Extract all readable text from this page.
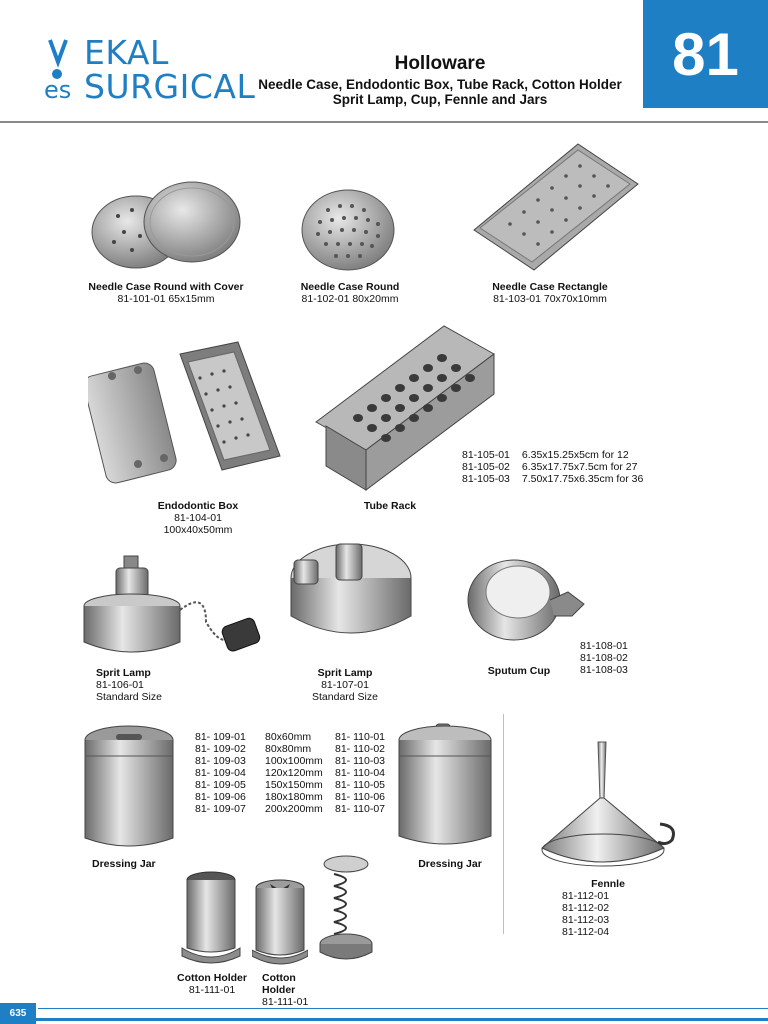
es
EKAL
SURGICAL
Holloware
Needle Case, Endodontic Box, Tube Rack, Cotton Holder
Sprit Lamp, Cup, Fennle and Jars
81
Needle Case Round with Cover
81-101-01 65x15mm
Needle Case Round
81-102-01 80x20mm
Needle Case Rectangle
81-103-01 70x70x10mm
Endodontic Box
81-104-01
100x40x50mm
Tube Rack
81-105-01 6.35x15.25x5cm for 12
81-105-02 6.35x17.75x7.5cm for 27
81-105-03 7.50x17.75x6.35cm for 36
Sprit Lamp
81-106-01
Standard Size
Sprit Lamp
81-107-01
Standard Size
Sputum Cup
81-108-01
81-108-02
81-108-03
Dressing Jar
81- 109-01	80x60mm	81- 110-01
81- 109-02	80x80mm	81- 110-02
81- 109-03	100x100mm 81- 110-03
81- 109-04	120x120mm 81- 110-04
81- 109-05	150x150mm 81- 110-05
81- 109-06	180x180mm 81- 110-06
81- 109-07	200x200mm 81- 110-07
Dressing Jar
Fennle
81-112-01
81-112-02
81-112-03
81-112-04
Cotton Holder
81-111-01
Cotton
Holder
81-111-01
635
